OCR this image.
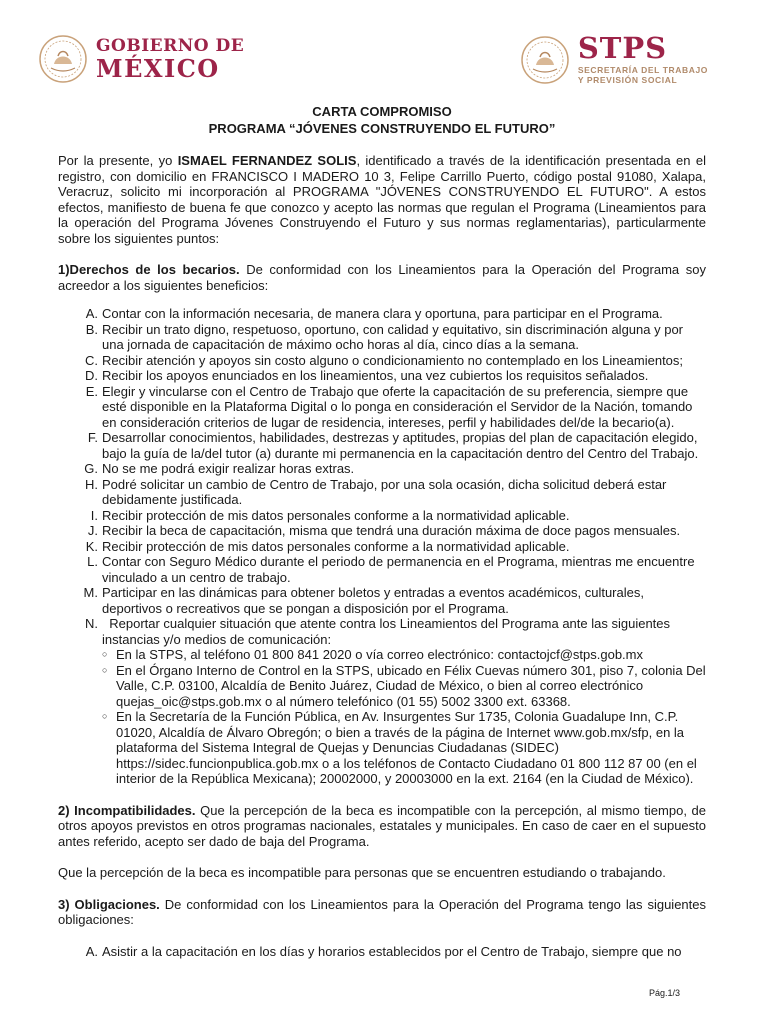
GOBIERNO DE
MÉXICO
STPS
SECRETARÍA DEL TRABAJO
Y PREVISIÓN SOCIAL
CARTA COMPROMISO
PROGRAMA “JÓVENES CONSTRUYENDO EL FUTURO”

Por la presente, yo ISMAEL FERNANDEZ SOLIS, identificado a través de la identificación presentada en el registro, con domicilio en FRANCISCO I MADERO 10 3, Felipe Carrillo Puerto, código postal 91080, Xalapa, Veracruz, solicito mi incorporación al PROGRAMA "JÓVENES CONSTRUYENDO EL FUTURO". A estos efectos, manifiesto de buena fe que conozco y acepto las normas que regulan el Programa (Lineamientos para la operación del Programa Jóvenes Construyendo el Futuro y sus normas reglamentarias), particularmente sobre los siguientes puntos:

1)Derechos de los becarios. De conformidad con los Lineamientos para la Operación del Programa soy acreedor a los siguientes beneficios:

A. Contar con la información necesaria, de manera clara y oportuna, para participar en el Programa.
B. Recibir un trato digno, respetuoso, oportuno, con calidad y equitativo, sin discriminación alguna y por una jornada de capacitación de máximo ocho horas al día, cinco días a la semana.
C. Recibir atención y apoyos sin costo alguno o condicionamiento no contemplado en los Lineamientos;
D. Recibir los apoyos enunciados en los lineamientos, una vez cubiertos los requisitos señalados.
E. Elegir y vincularse con el Centro de Trabajo que oferte la capacitación de su preferencia, siempre que esté disponible en la Plataforma Digital o lo ponga en consideración el Servidor de la Nación, tomando en consideración criterios de lugar de residencia, intereses, perfil y habilidades del/de la becario(a).
F. Desarrollar conocimientos, habilidades, destrezas y aptitudes, propias del plan de capacitación elegido, bajo la guía de la/del tutor (a) durante mi permanencia en la capacitación dentro del Centro del Trabajo.
G. No se me podrá exigir realizar horas extras.
H. Podré solicitar un cambio de Centro de Trabajo, por una sola ocasión, dicha solicitud deberá estar debidamente justificada.
I. Recibir protección de mis datos personales conforme a la normatividad aplicable.
J. Recibir la beca de capacitación, misma que tendrá una duración máxima de doce pagos mensuales.
K. Recibir protección de mis datos personales conforme a la normatividad aplicable.
L. Contar con Seguro Médico durante el periodo de permanencia en el Programa, mientras me encuentre vinculado a un centro de trabajo.
M. Participar en las dinámicas para obtener boletos y entradas a eventos académicos, culturales, deportivos o recreativos que se pongan a disposición por el Programa.
N. Reportar cualquier situación que atente contra los Lineamientos del Programa ante las siguientes instancias y/o medios de comunicación:
○ En la STPS, al teléfono 01 800 841 2020 o vía correo electrónico: contactojcf@stps.gob.mx
○ En el Órgano Interno de Control en la STPS, ubicado en Félix Cuevas número 301, piso 7, colonia Del Valle, C.P. 03100, Alcaldía de Benito Juárez, Ciudad de México, o bien al correo electrónico quejas_oic@stps.gob.mx o al número telefónico (01 55) 5002 3300 ext. 63368.
○ En la Secretaría de la Función Pública, en Av. Insurgentes Sur 1735, Colonia Guadalupe Inn, C.P. 01020, Alcaldía de Álvaro Obregón; o bien a través de la página de Internet www.gob.mx/sfp, en la plataforma del Sistema Integral de Quejas y Denuncias Ciudadanas (SIDEC) https://sidec.funcionpublica.gob.mx o a los teléfonos de Contacto Ciudadano 01 800 112 87 00 (en el interior de la República Mexicana); 20002000, y 20003000 en la ext. 2164 (en la Ciudad de México).

2) Incompatibilidades. Que la percepción de la beca es incompatible con la percepción, al mismo tiempo, de otros apoyos previstos en otros programas nacionales, estatales y municipales. En caso de caer en el supuesto antes referido, acepto ser dado de baja del Programa.

Que la percepción de la beca es incompatible para personas que se encuentren estudiando o trabajando.

3) Obligaciones. De conformidad con los Lineamientos para la Operación del Programa tengo las siguientes obligaciones:

A. Asistir a la capacitación en los días y horarios establecidos por el Centro de Trabajo, siempre que no
Pág.1/3
